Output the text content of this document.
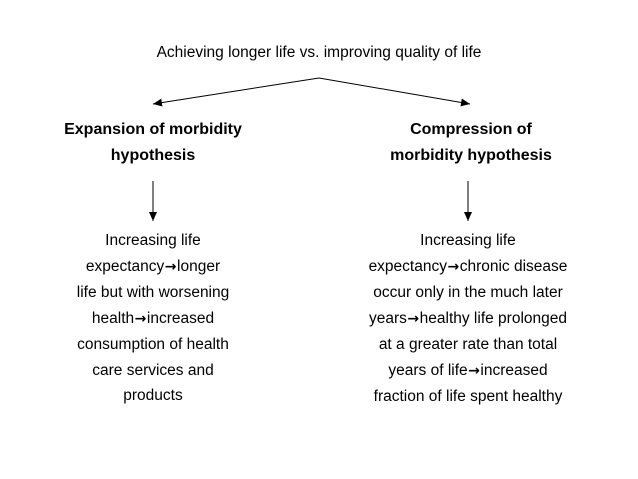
Achieving longer life vs. improving quality of life
Expansion of morbidity
hypothesis
Compression of
morbidity hypothesis
Increasing life
expectancy→longer
life but with worsening
health→increased
consumption of health
care services and
products
Increasing life
expectancy→chronic disease
occur only in the much later
years→healthy life prolonged
at a greater rate than total
years of life→increased
fraction of life spent healthy
